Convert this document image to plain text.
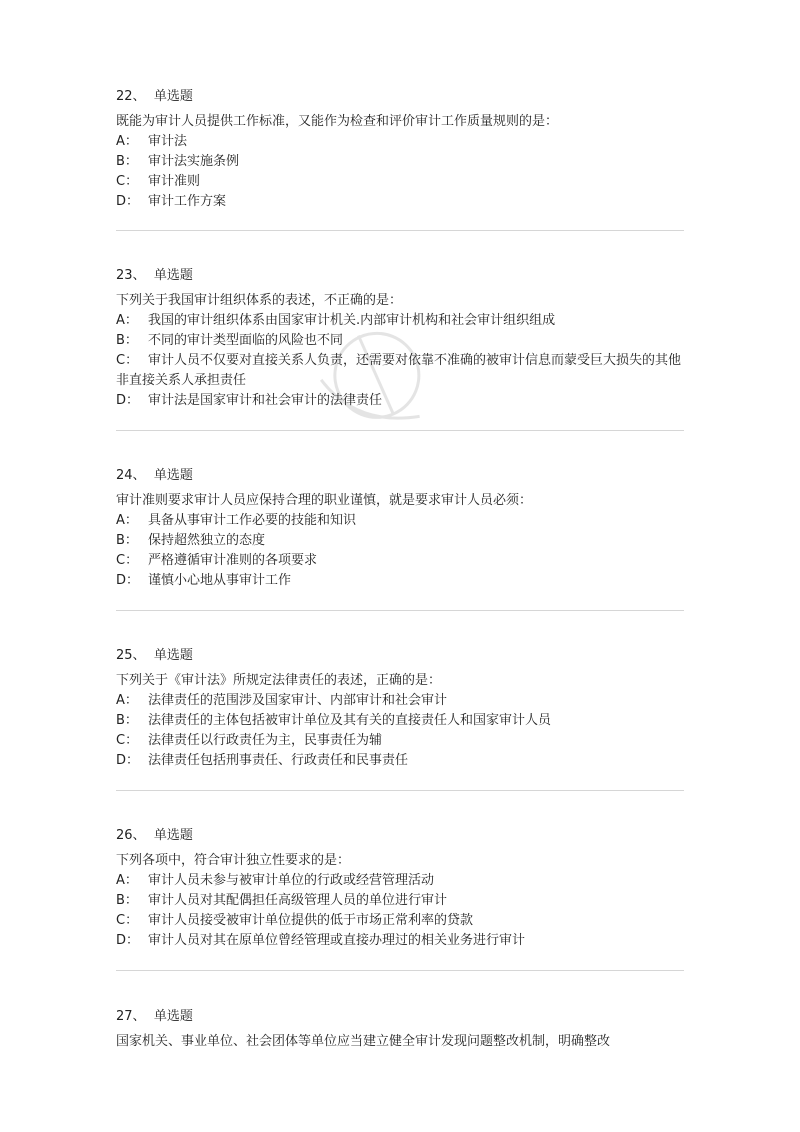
22、 单选题
既能为审计人员提供工作标准，又能作为检查和评价审计工作质量规则的是：
A： 审计法
B： 审计法实施条例
C： 审计准则
D： 审计工作方案
23、 单选题
下列关于我国审计组织体系的表述，不正确的是：
A： 我国的审计组织体系由国家审计机关.内部审计机构和社会审计组织组成
B： 不同的审计类型面临的风险也不同
C： 审计人员不仅要对直接关系人负责，还需要对依靠不准确的被审计信息而蒙受巨大损失的其他非直接关系人承担责任
D： 审计法是国家审计和社会审计的法律责任
24、 单选题
审计准则要求审计人员应保持合理的职业谨慎，就是要求审计人员必须：
A： 具备从事审计工作必要的技能和知识
B： 保持超然独立的态度
C： 严格遵循审计准则的各项要求
D： 谨慎小心地从事审计工作
25、 单选题
下列关于《审计法》所规定法律责任的表述，正确的是：
A： 法律责任的范围涉及国家审计、内部审计和社会审计
B： 法律责任的主体包括被审计单位及其有关的直接责任人和国家审计人员
C： 法律责任以行政责任为主，民事责任为辅
D： 法律责任包括刑事责任、行政责任和民事责任
26、 单选题
下列各项中，符合审计独立性要求的是：
A： 审计人员未参与被审计单位的行政或经营管理活动
B： 审计人员对其配偶担任高级管理人员的单位进行审计
C： 审计人员接受被审计单位提供的低于市场正常利率的贷款
D： 审计人员对其在原单位曾经管理或直接办理过的相关业务进行审计
27、 单选题
国家机关、事业单位、社会团体等单位应当建立健全审计发现问题整改机制，明确整改
